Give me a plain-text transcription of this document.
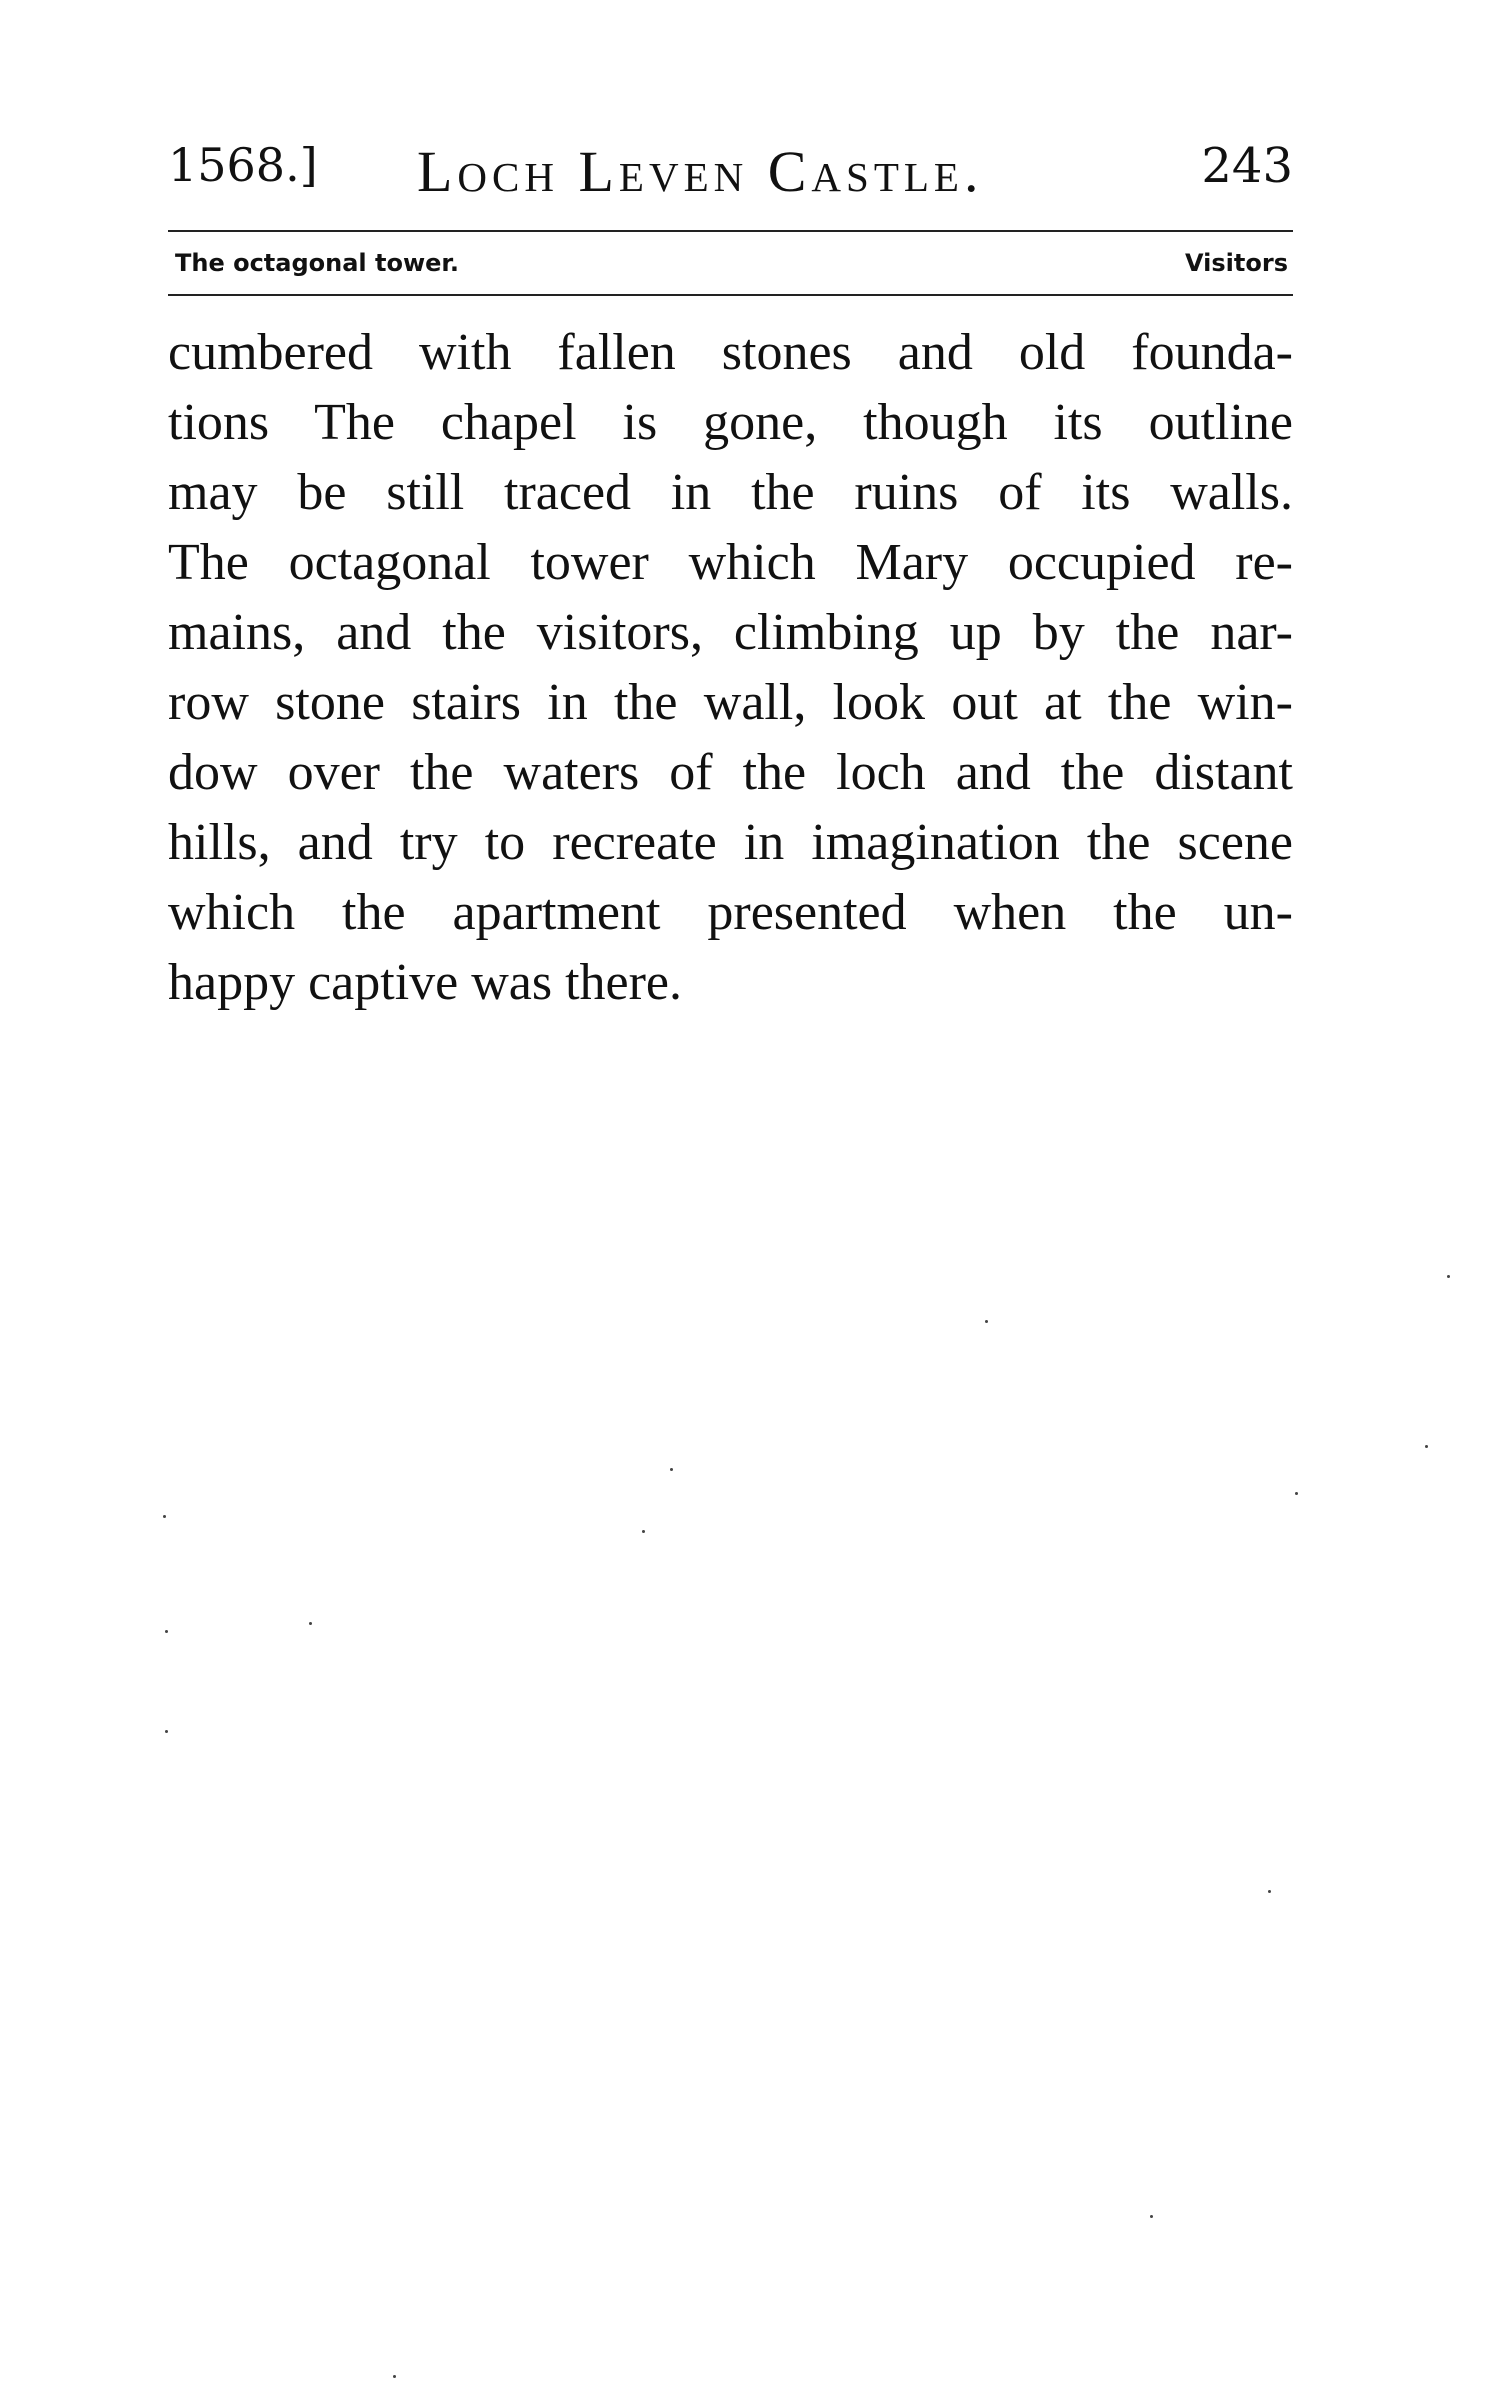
1568.] Loch Leven Castle.	243
The octagonal tower.	Visitors
cumbered with fallen stones and old founda-
tions The chapel is gone, though its outline
may be still traced in the ruins of its walls.
The octagonal tower which Mary occupied re-
mains, and the visitors, climbing up by the nar-
row stone stairs in the wall, look out at the win-
dow over the waters of the loch and the distant
hills, and try to recreate in imagination the scene
which the apartment presented when the un-
happy captive was there.
